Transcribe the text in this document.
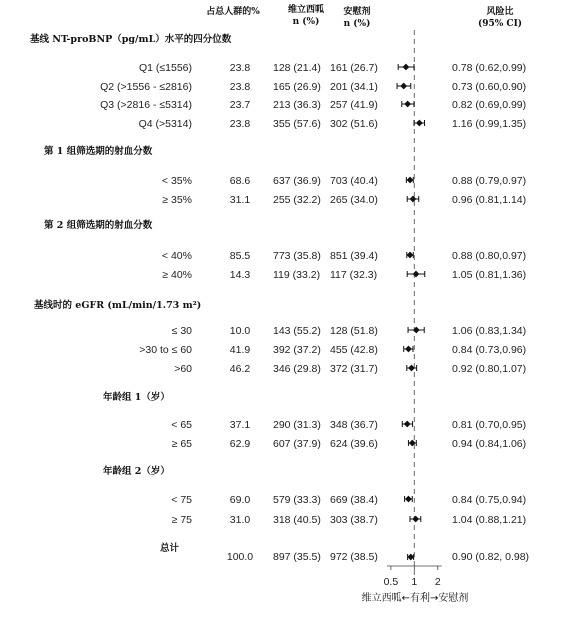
占总人群的%	维立西呱
n (%)
安慰剂
n (%)
风险比
(95% CI)
基线 NT-proBNP（pg/mL）水平的四分位数
Q1 (≤1556)	23.8	128 (21.4) 161 (26.7)	0.78 (0.62,0.99)
Q2 (>1556 - ≤2816)	23.8	165 (26.9) 201 (34.1)	0.73 (0.60,0.90)
Q3 (>2816 - ≤5314)	23.7	213 (36.3) 257 (41.9)	0.82 (0.69,0.99)
Q4 (>5314)	23.8	355 (57.6) 302 (51.6)	1.16 (0.99,1.35)
第 1 组筛选期的射血分数
< 35%	68.6	637 (36.9) 703 (40.4)	0.88 (0.79,0.97)
≥ 35%	31.1	255 (32.2) 265 (34.0)	0.96 (0.81,1.14)
第 2 组筛选期的射血分数
< 40%	85.5	773 (35.8) 851 (39.4)	0.88 (0.80,0.97)
≥ 40%	14.3	119 (33.2) 117 (32.3)	1.05 (0.81,1.36)
基线时的 eGFR (mL/min/1.73 m²)
≤ 30	10.0	143 (55.2) 128 (51.8)	1.06 (0.83,1.34)
>30 to ≤ 60	41.9	392 (37.2) 455 (42.8)	0.84 (0.73,0.96)
>60	46.2	346 (29.8) 372 (31.7)	0.92 (0.80,1.07)
年龄组 1（岁）
< 65	37.1	290 (31.3) 348 (36.7)	0.81 (0.70,0.95)
≥ 65	62.9	607 (37.9) 624 (39.6)	0.94 (0.84,1.06)
年龄组 2（岁）
< 75	69.0	579 (33.3) 669 (38.4)	0.84 (0.75,0.94)
≥ 75	31.0	318 (40.5) 303 (38.7)	1.04 (0.88,1.21)
总计
100.0	897 (35.5) 972 (38.5)	0.90 (0.82, 0.98)
0.5 1 2
维立西呱←有利→安慰剂
